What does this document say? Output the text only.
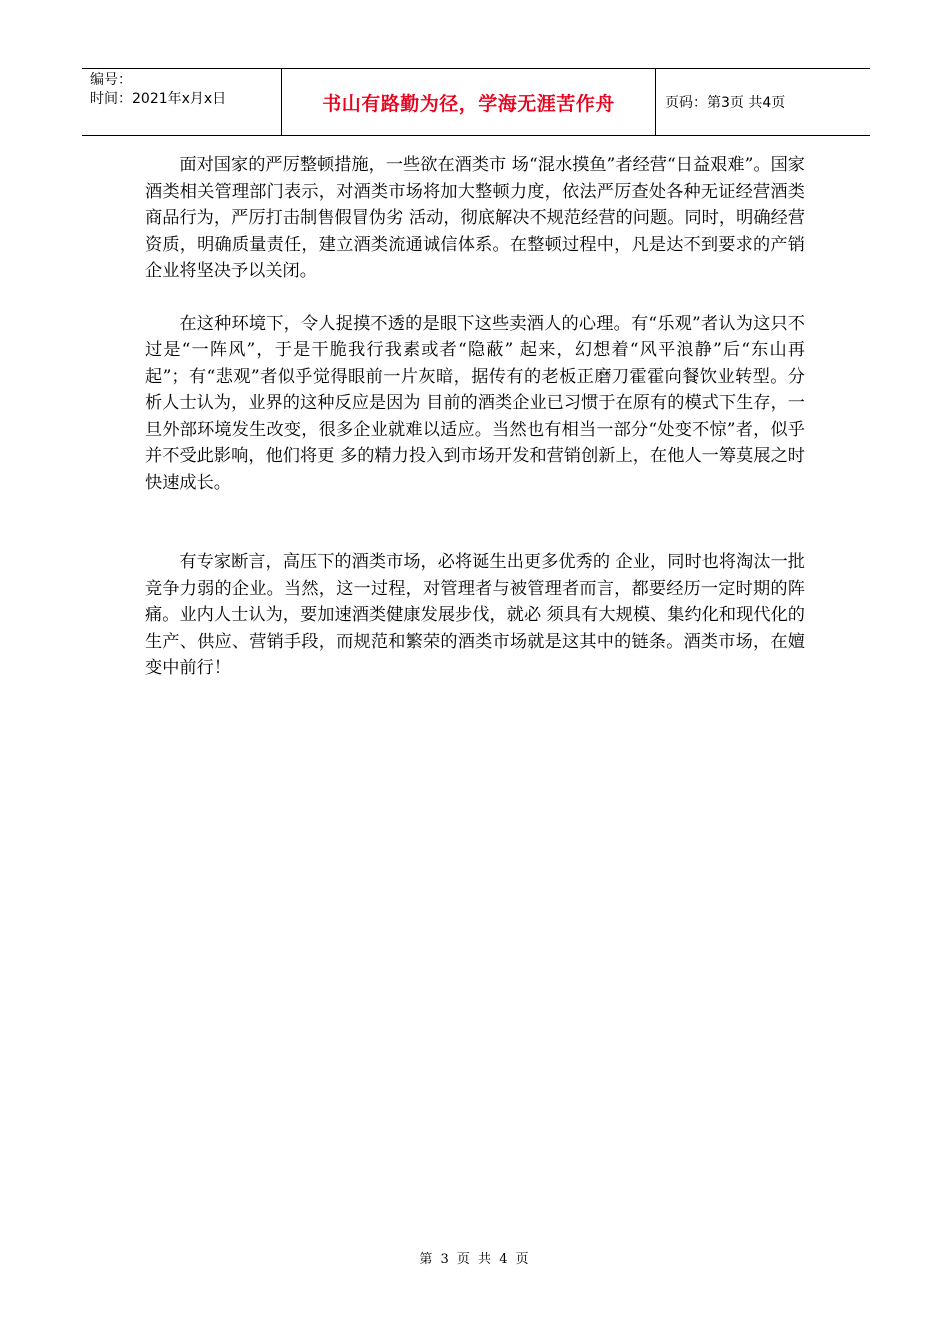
编号：
时间：2021年x月x日	书山有路勤为径，学海无涯苦作舟	页码：第3页 共4页

面对国家的严厉整顿措施，一些欲在酒类市 场“混水摸鱼”者经营“日益艰难”。国家酒类相关管理部门表示，对酒类市场将加大整顿力度，依法严厉查处各种无证经营酒类商品行为，严厉打击制售假冒伪劣 活动，彻底解决不规范经营的问题。同时，明确经营资质，明确质量责任，建立酒类流通诚信体系。在整顿过程中，凡是达不到要求的产销企业将坚决予以关闭。

在这种环境下，令人捉摸不透的是眼下这些卖酒人的心理。有“乐观”者认为这只不过是“一阵风”，于是干脆我行我素或者“隐蔽” 起来，幻想着“风平浪静”后“东山再起”；有“悲观”者似乎觉得眼前一片灰暗，据传有的老板正磨刀霍霍向餐饮业转型。分析人士认为，业界的这种反应是因为 目前的酒类企业已习惯于在原有的模式下生存，一旦外部环境发生改变，很多企业就难以适应。当然也有相当一部分“处变不惊”者，似乎并不受此影响，他们将更 多的精力投入到市场开发和营销创新上，在他人一筹莫展之时快速成长。

有专家断言，高压下的酒类市场，必将诞生出更多优秀的 企业，同时也将淘汰一批竞争力弱的企业。当然，这一过程，对管理者与被管理者而言，都要经历一定时期的阵痛。业内人士认为，要加速酒类健康发展步伐，就必 须具有大规模、集约化和现代化的生产、供应、营销手段，而规范和繁荣的酒类市场就是这其中的链条。酒类市场，在嬗变中前行！

第 3 页 共 4 页
